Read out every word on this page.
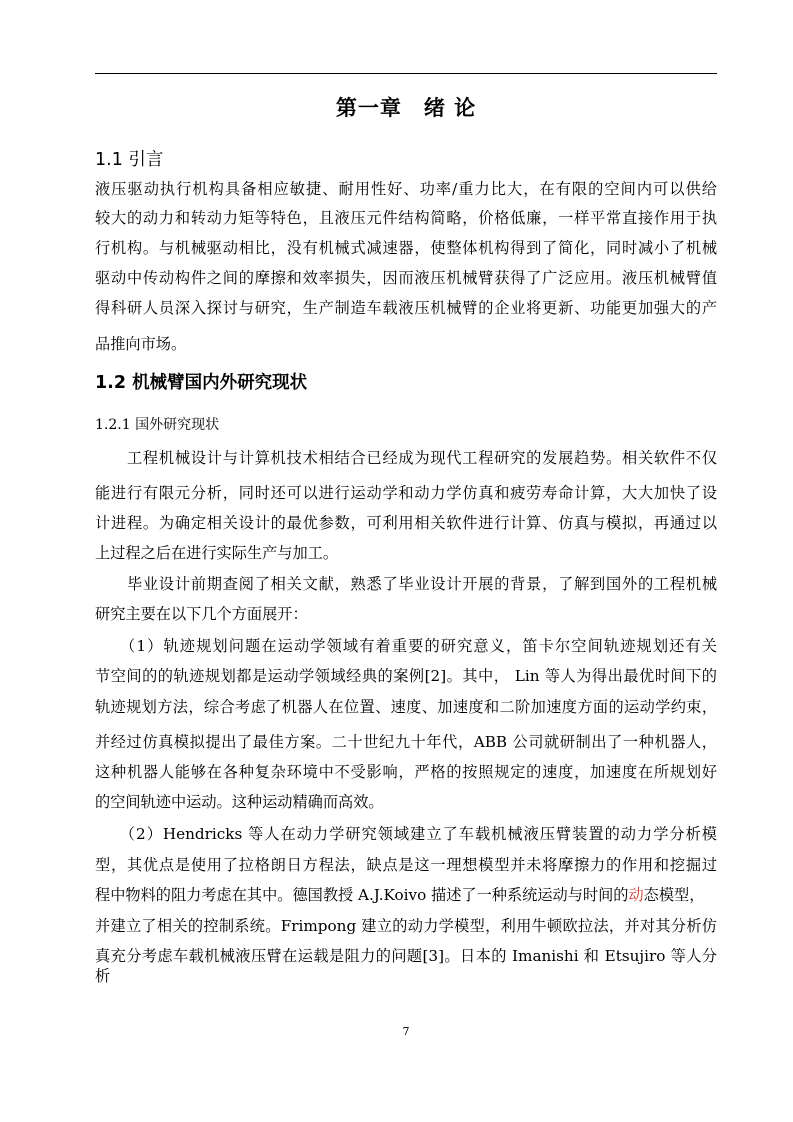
第一章　绪 论
1.1 引言
液压驱动执行机构具备相应敏捷、耐用性好、功率/重力比大，在有限的空间内可以供给
较大的动力和转动力矩等特色，且液压元件结构简略，价格低廉，一样平常直接作用于执
行机构。与机械驱动相比，没有机械式减速器，使整体机构得到了简化，同时减小了机械
驱动中传动构件之间的摩擦和效率损失，因而液压机械臂获得了广泛应用。液压机械臂值
得科研人员深入探讨与研究，生产制造车载液压机械臂的企业将更新、功能更加强大的产
品推向市场。
1.2 机械臂国内外研究现状
1.2.1 国外研究现状
　　工程机械设计与计算机技术相结合已经成为现代工程研究的发展趋势。相关软件不仅
能进行有限元分析，同时还可以进行运动学和动力学仿真和疲劳寿命计算，大大加快了设
计进程。为确定相关设计的最优参数，可利用相关软件进行计算、仿真与模拟，再通过以
上过程之后在进行实际生产与加工。
　　毕业设计前期查阅了相关文献，熟悉了毕业设计开展的背景，了解到国外的工程机械
研究主要在以下几个方面展开：
　　（1）轨迹规划问题在运动学领域有着重要的研究意义，笛卡尔空间轨迹规划还有关
节空间的的轨迹规划都是运动学领域经典的案例[2]。其中， Lin 等人为得出最优时间下的
轨迹规划方法，综合考虑了机器人在位置、速度、加速度和二阶加速度方面的运动学约束，
并经过仿真模拟提出了最佳方案。二十世纪九十年代，ABB 公司就研制出了一种机器人，
这种机器人能够在各种复杂环境中不受影响，严格的按照规定的速度，加速度在所规划好
的空间轨迹中运动。这种运动精确而高效。
　　（2）Hendricks 等人在动力学研究领域建立了车载机械液压臂装置的动力学分析模
型，其优点是使用了拉格朗日方程法，缺点是这一理想模型并未将摩擦力的作用和挖掘过
程中物料的阻力考虑在其中。德国教授 A.J.Koivo 描述了一种系统运动与时间的动态模型，
并建立了相关的控制系统。Frimpong 建立的动力学模型，利用牛顿欧拉法，并对其分析仿
真充分考虑车载机械液压臂在运载是阻力的问题[3]。日本的 Imanishi 和 Etsujiro 等人分析
7
